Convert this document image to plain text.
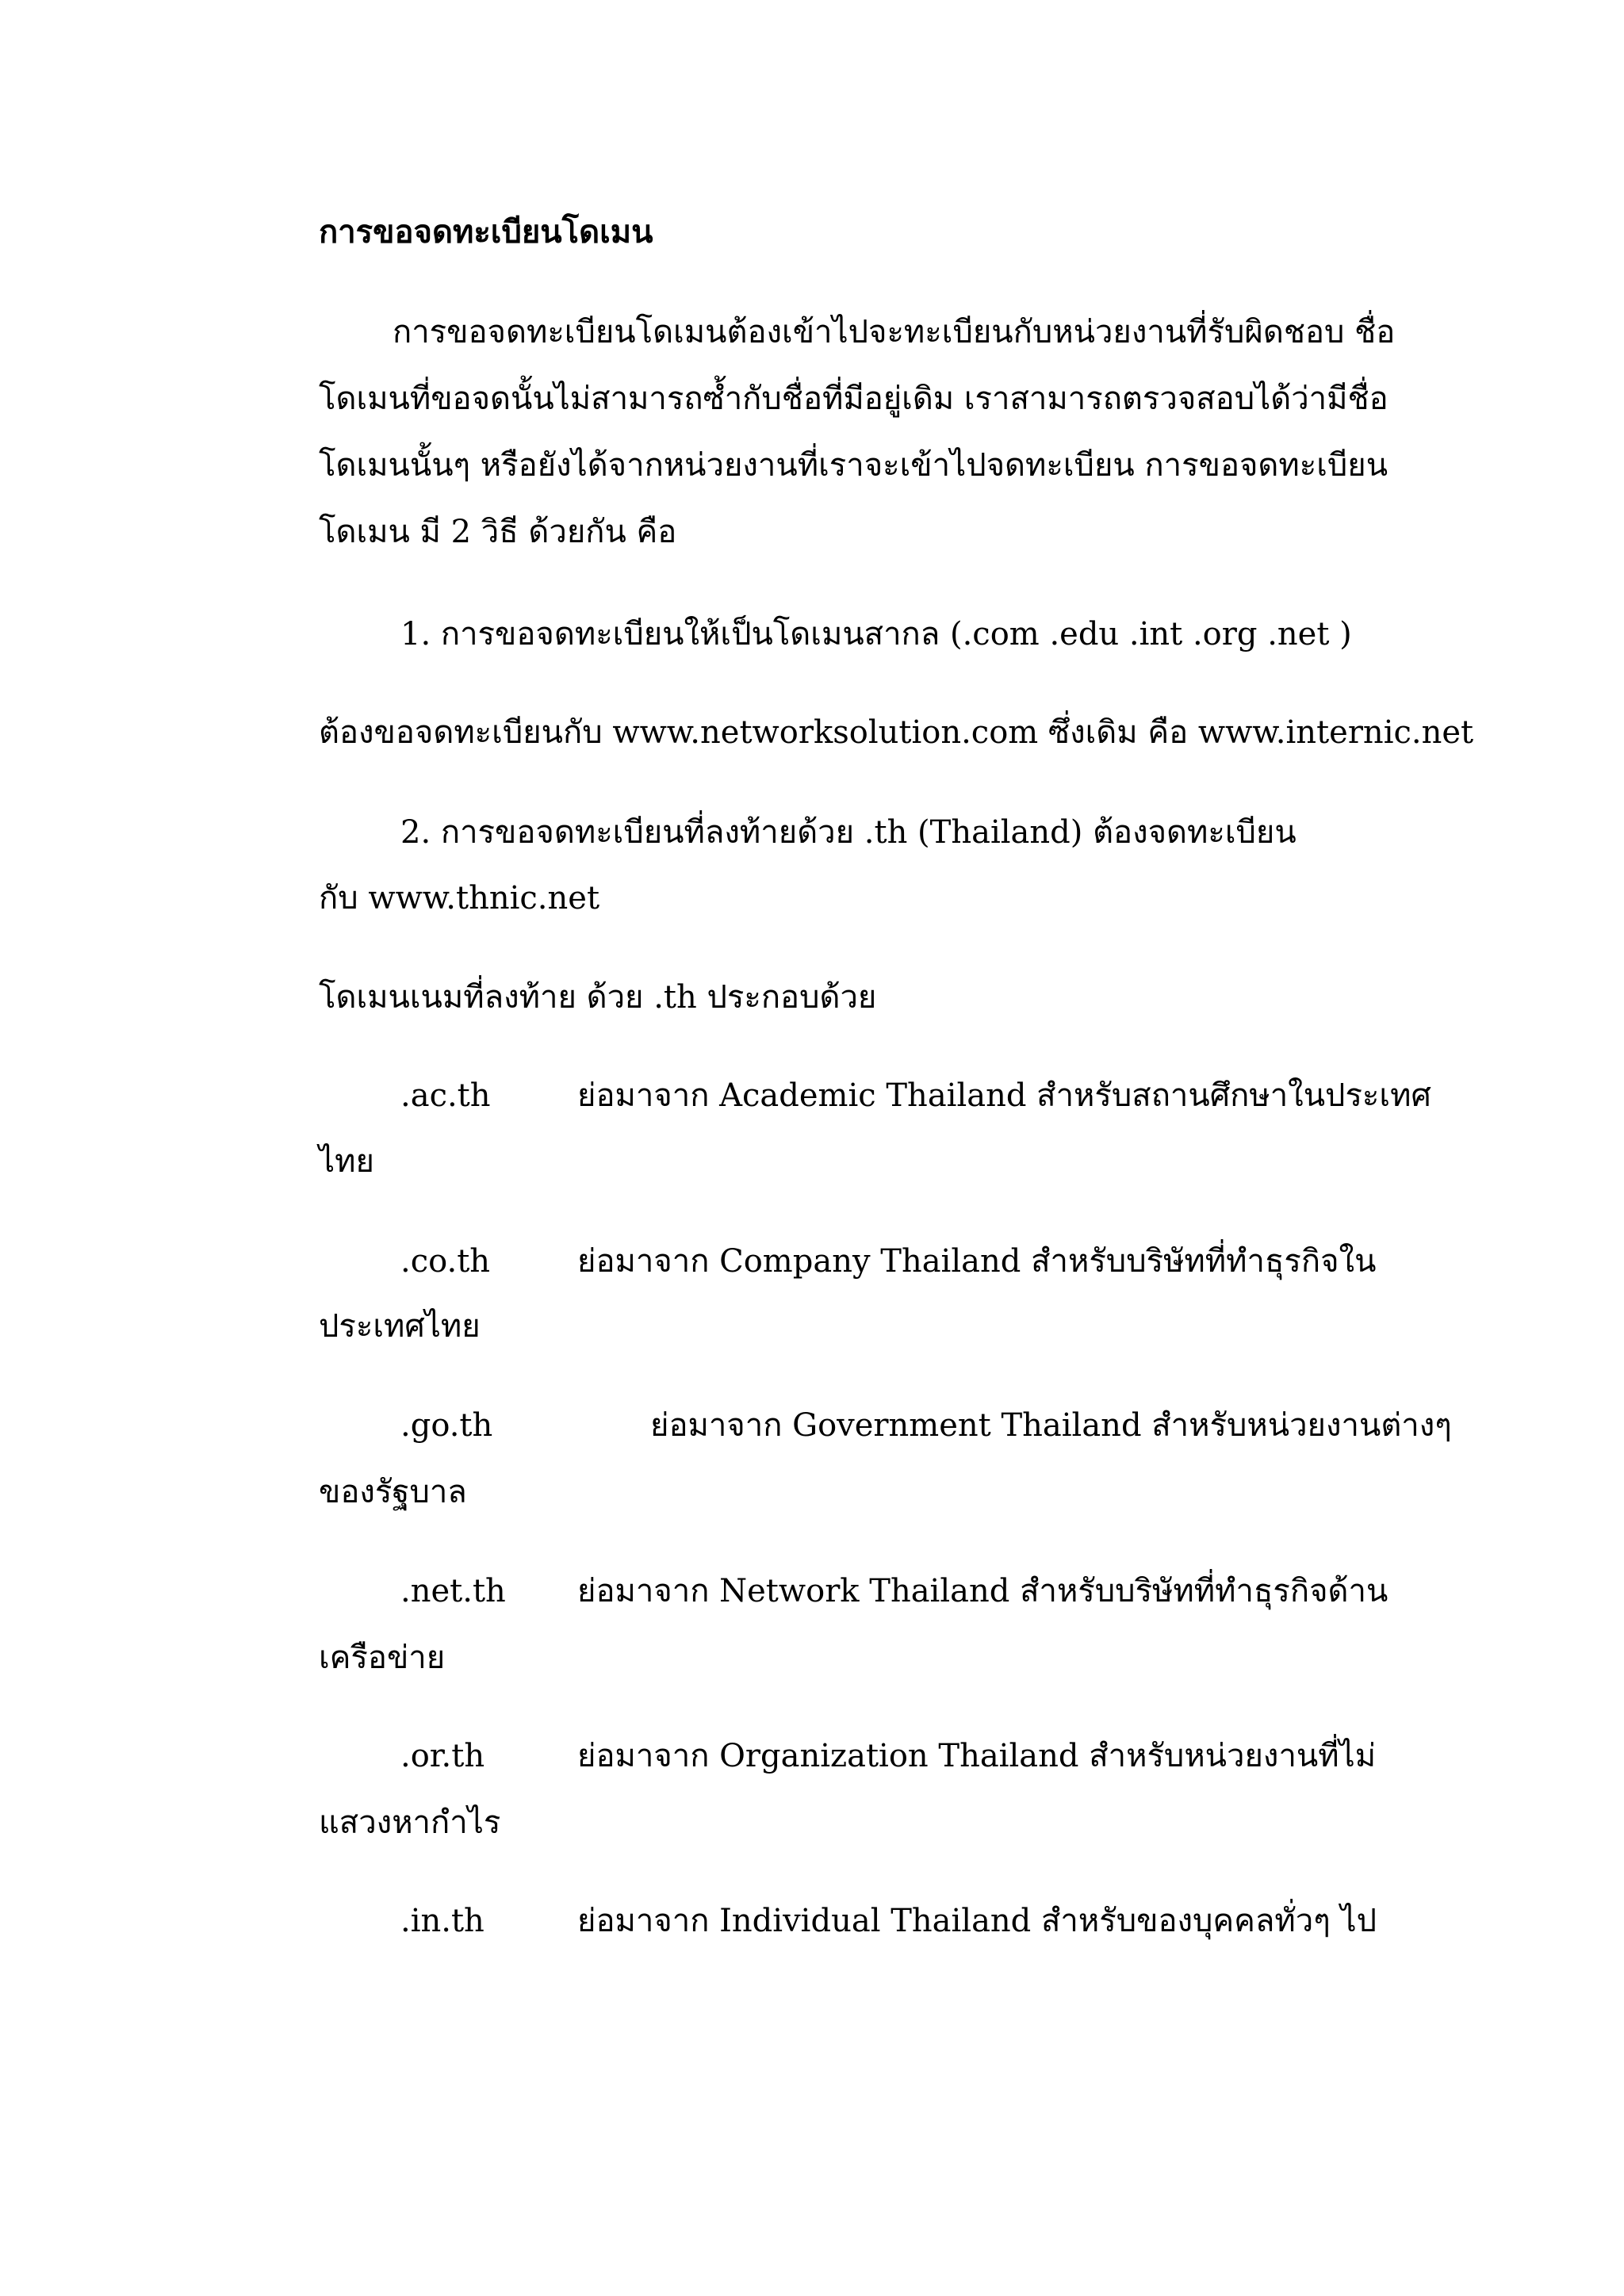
การขอจดทะเบียนโดเมน
การขอจดทะเบียนโดเมนต้องเข้าไปจะทะเบียนกับหน่วยงานที่รับผิดชอบ ชื่อ
โดเมนที่ขอจดนั้นไม่สามารถซ้ำกับชื่อที่มีอยู่เดิม เราสามารถตรวจสอบได้ว่ามีชื่อ
โดเมนนั้นๆ หรือยังได้จากหน่วยงานที่เราจะเข้าไปจดทะเบียน การขอจดทะเบียน
โดเมน มี 2 วิธี ด้วยกัน คือ
1. การขอจดทะเบียนให้เป็นโดเมนสากล (.com .edu .int .org .net )
ต้องขอจดทะเบียนกับ www.networksolution.com ซึ่งเดิม คือ www.internic.net
2. การขอจดทะเบียนที่ลงท้ายด้วย .th (Thailand) ต้องจดทะเบียน
กับ www.thnic.net
โดเมนเนมที่ลงท้าย ด้วย .th ประกอบด้วย
.ac.th	ย่อมาจาก Academic Thailand สำหรับสถานศึกษาในประเทศ
ไทย
.co.th	ย่อมาจาก Company Thailand สำหรับบริษัทที่ทำธุรกิจใน
ประเทศไทย
.go.th	ย่อมาจาก Government Thailand สำหรับหน่วยงานต่างๆ
ของรัฐบาล
.net.th ย่อมาจาก Network Thailand สำหรับบริษัทที่ทำธุรกิจด้าน
เครือข่าย
.or.th	ย่อมาจาก Organization Thailand สำหรับหน่วยงานที่ไม่
แสวงหากำไร
.in.th	ย่อมาจาก Individual Thailand สำหรับของบุคคลทั่วๆ ไป
